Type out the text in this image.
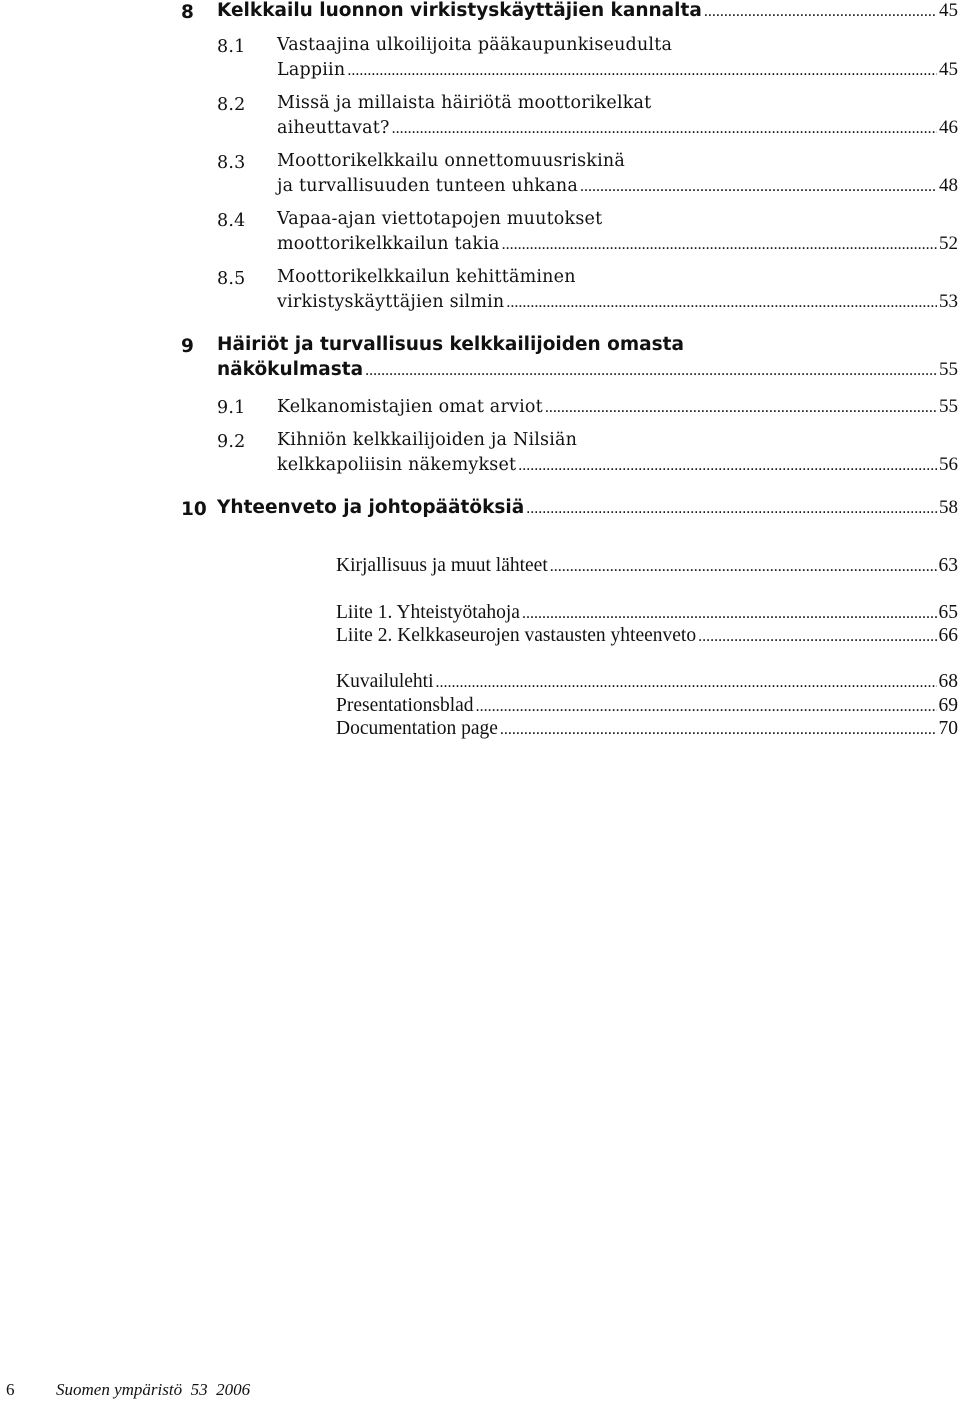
8 Kelkkailu luonnon virkistyskäyttäjien kannalta .....	45
8.1 Vastaajina ulkoilijoita pääkaupunkiseudulta
Lappiin .....	45
8.2 Missä ja millaista häiriötä moottorikelkat
aiheuttavat? .....	46
8.3 Moottorikelkkailu onnettomuusriskinä
ja turvallisuuden tunteen uhkana .....	48
8.4 Vapaa-ajan viettotapojen muutokset
moottorikelkkailun takia .....	52
8.5 Moottorikelkkailun kehittäminen
virkistyskäyttäjien silmin .....	53
9 Häiriöt ja turvallisuus kelkkailijoiden omasta
näkökulmasta .....	55
9.1 Kelkanomistajien omat arviot .....	55
9.2 Kihniön kelkkailijoiden ja Nilsiän
kelkkapoliisin näkemykset .....	56
10 Yhteenveto ja johtopäätöksiä .....	58
Kirjallisuus ja muut lähteet .....	63
Liite 1. Yhteistyötahoja .....	65
Liite 2. Kelkkaseurojen vastausten yhteenveto .....	66
Kuvailulehti .....	68
Presentationsblad .....	69
Documentation page .....	70
6 Suomen ympäristö 53 2006
